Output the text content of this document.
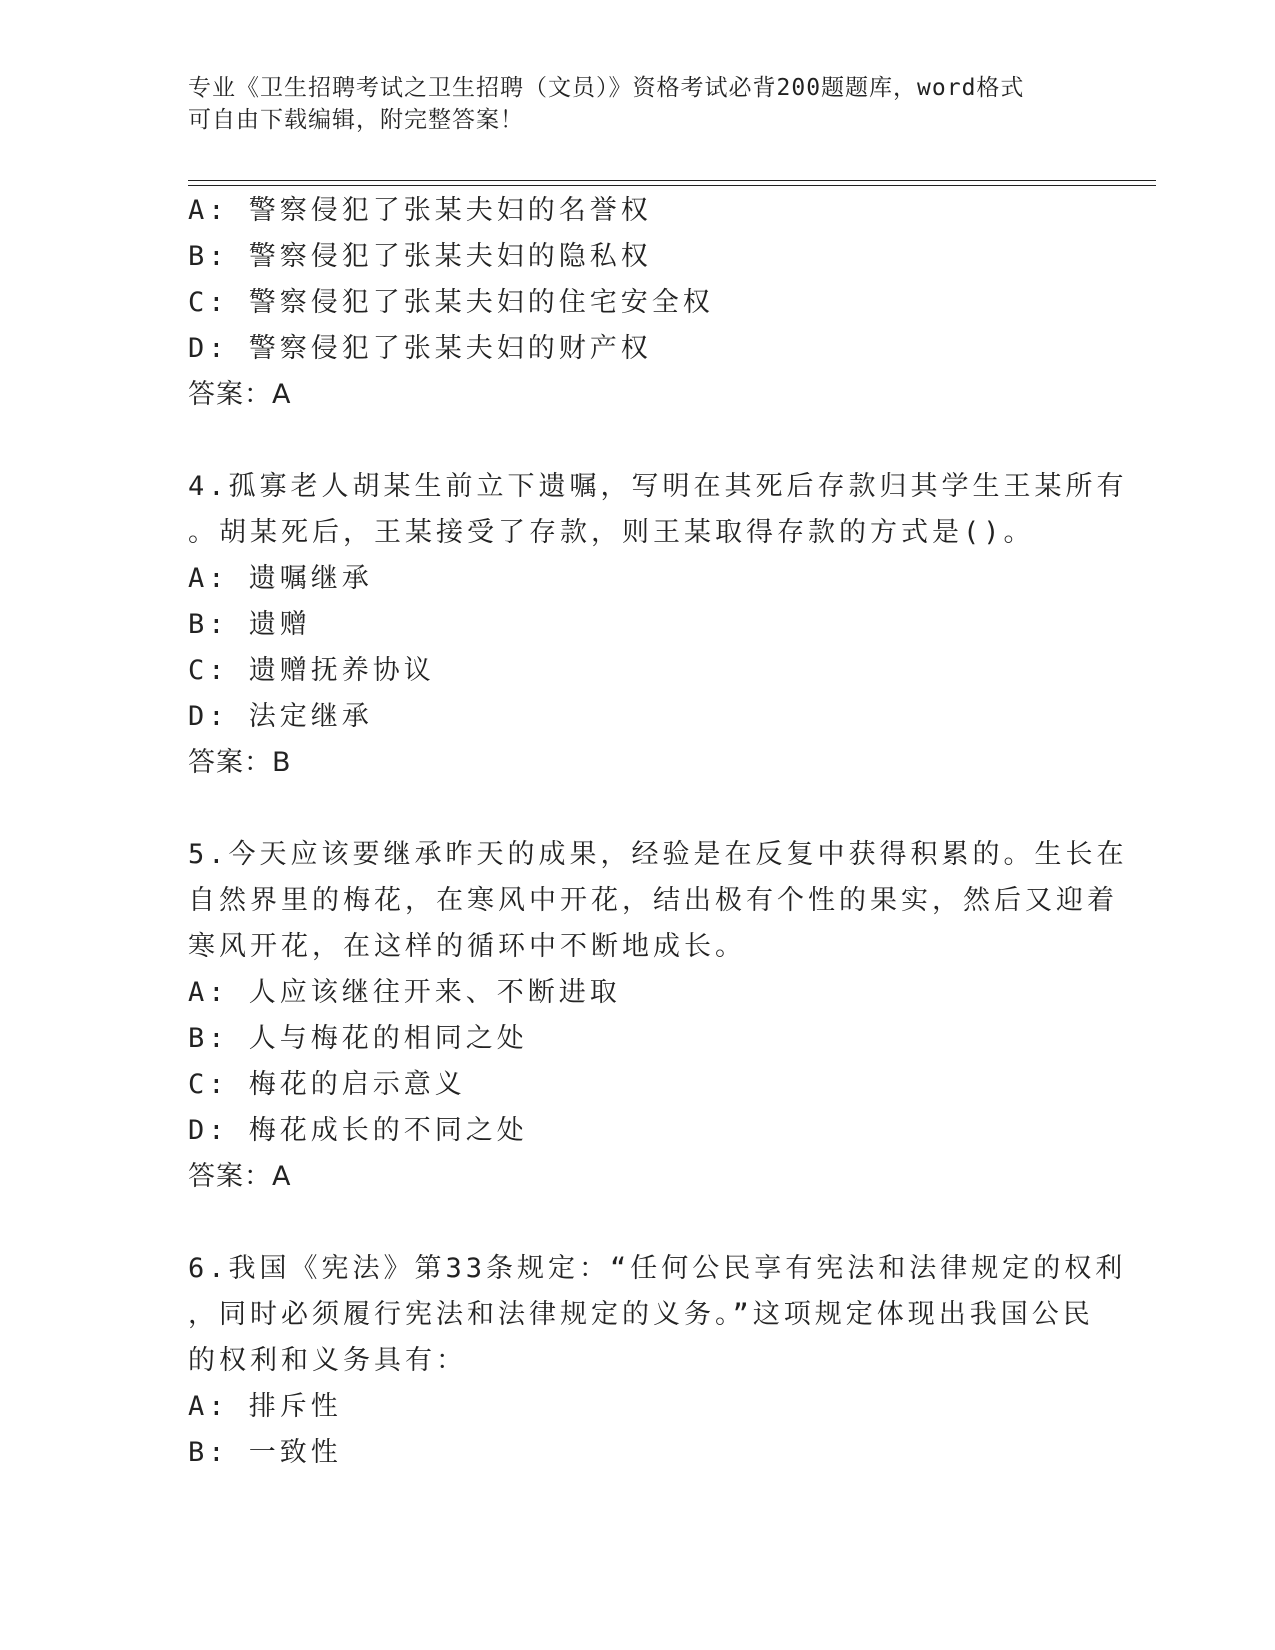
专业《卫生招聘考试之卫生招聘（文员）》资格考试必背200题题库，word格式
可自由下载编辑，附完整答案！
A: 警察侵犯了张某夫妇的名誉权
B: 警察侵犯了张某夫妇的隐私权
C: 警察侵犯了张某夫妇的住宅安全权
D: 警察侵犯了张某夫妇的财产权
答案：A
4.孤寡老人胡某生前立下遗嘱，写明在其死后存款归其学生王某所有
。胡某死后，王某接受了存款，则王某取得存款的方式是()。
A: 遗嘱继承
B: 遗赠
C: 遗赠抚养协议
D: 法定继承
答案：B
5.今天应该要继承昨天的成果，经验是在反复中获得积累的。生长在
自然界里的梅花，在寒风中开花，结出极有个性的果实，然后又迎着
寒风开花，在这样的循环中不断地成长。
A: 人应该继往开来、不断进取
B: 人与梅花的相同之处
C: 梅花的启示意义
D: 梅花成长的不同之处
答案：A
6.我国《宪法》第33条规定：“任何公民享有宪法和法律规定的权利
，同时必须履行宪法和法律规定的义务。”这项规定体现出我国公民
的权利和义务具有：
A: 排斥性
B: 一致性
